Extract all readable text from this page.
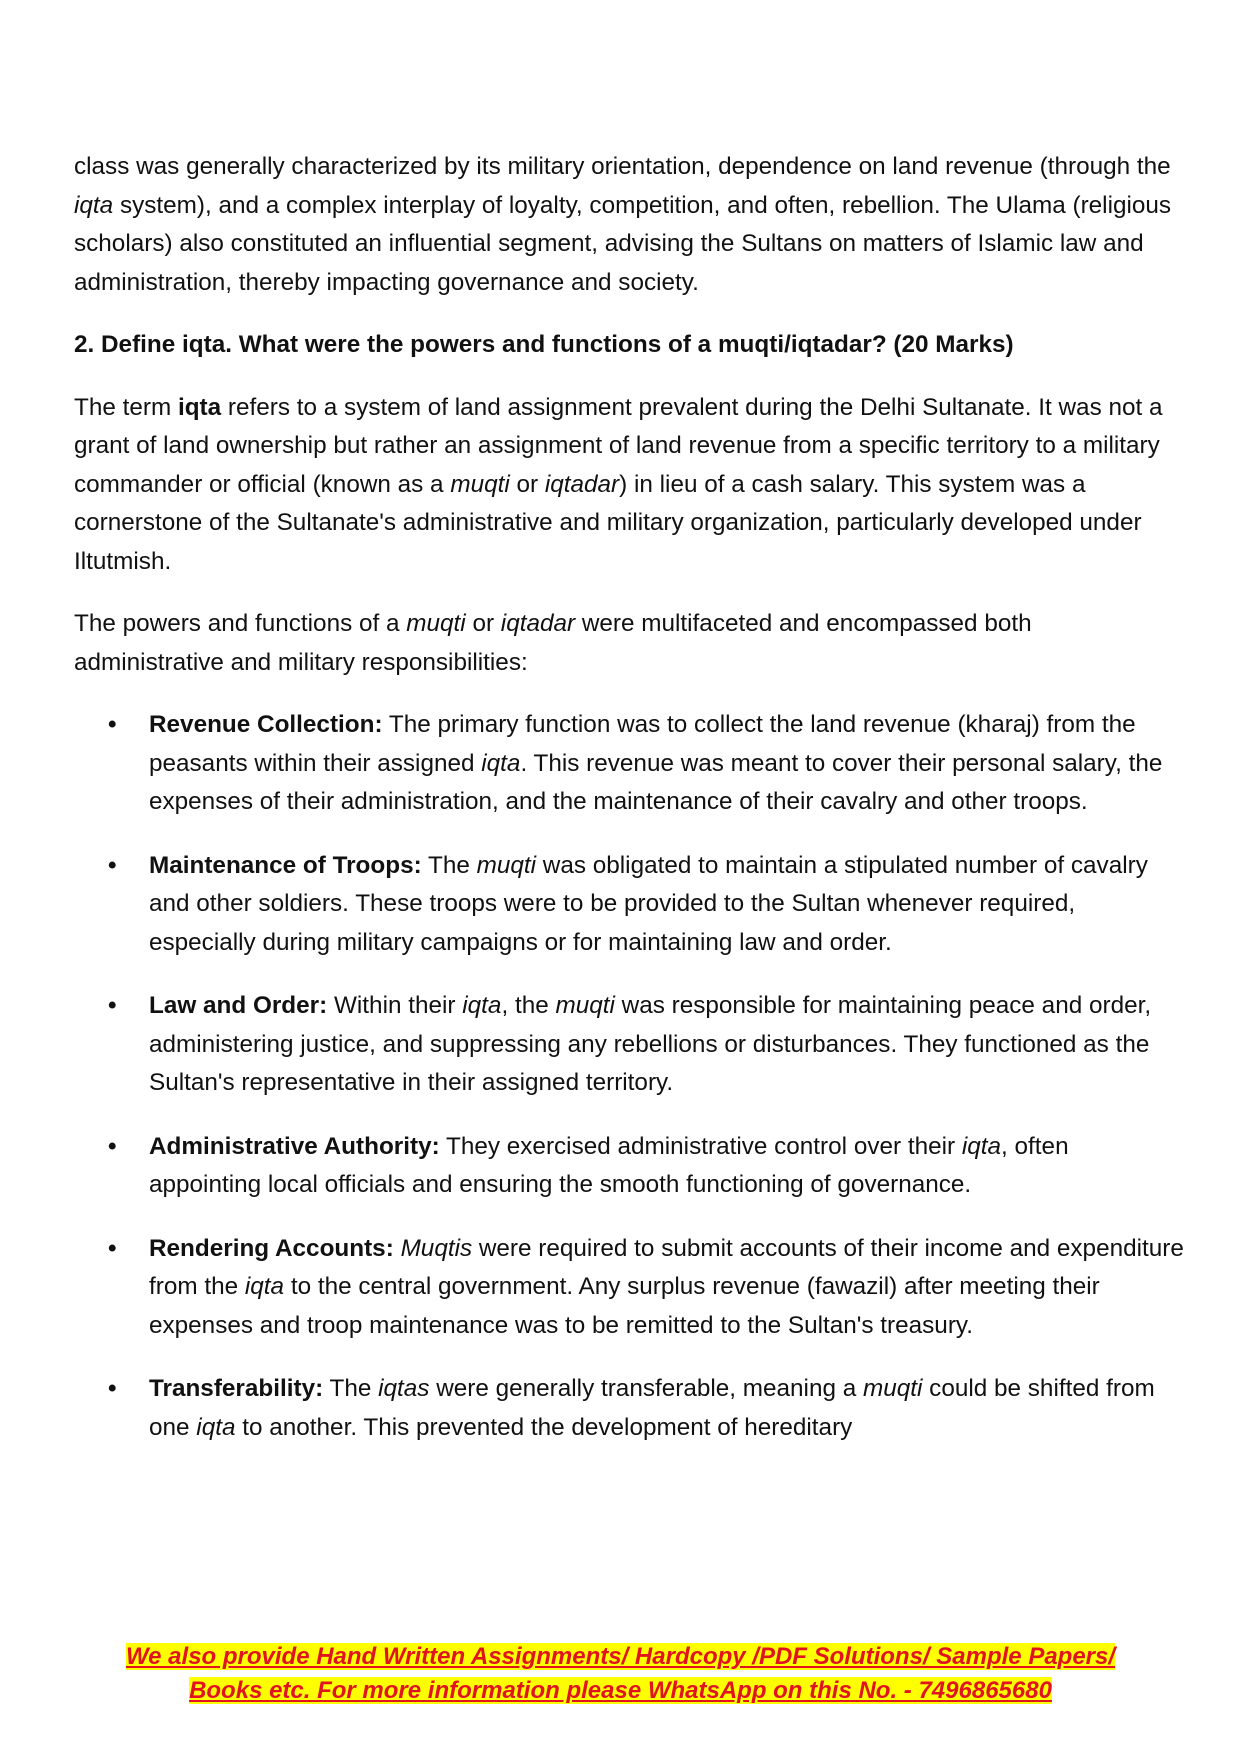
class was generally characterized by its military orientation, dependence on land revenue (through the iqta system), and a complex interplay of loyalty, competition, and often, rebellion. The Ulama (religious scholars) also constituted an influential segment, advising the Sultans on matters of Islamic law and administration, thereby impacting governance and society.

2. Define iqta. What were the powers and functions of a muqti/iqtadar? (20 Marks)

The term iqta refers to a system of land assignment prevalent during the Delhi Sultanate. It was not a grant of land ownership but rather an assignment of land revenue from a specific territory to a military commander or official (known as a muqti or iqtadar) in lieu of a cash salary. This system was a cornerstone of the Sultanate's administrative and military organization, particularly developed under Iltutmish.

The powers and functions of a muqti or iqtadar were multifaceted and encompassed both administrative and military responsibilities:

• Revenue Collection: The primary function was to collect the land revenue (kharaj) from the peasants within their assigned iqta. This revenue was meant to cover their personal salary, the expenses of their administration, and the maintenance of their cavalry and other troops.
• Maintenance of Troops: The muqti was obligated to maintain a stipulated number of cavalry and other soldiers. These troops were to be provided to the Sultan whenever required, especially during military campaigns or for maintaining law and order.
• Law and Order: Within their iqta, the muqti was responsible for maintaining peace and order, administering justice, and suppressing any rebellions or disturbances. They functioned as the Sultan's representative in their assigned territory.
• Administrative Authority: They exercised administrative control over their iqta, often appointing local officials and ensuring the smooth functioning of governance.
• Rendering Accounts: Muqtis were required to submit accounts of their income and expenditure from the iqta to the central government. Any surplus revenue (fawazil) after meeting their expenses and troop maintenance was to be remitted to the Sultan's treasury.
• Transferability: The iqtas were generally transferable, meaning a muqti could be shifted from one iqta to another. This prevented the development of hereditary
We also provide Hand Written Assignments/ Hardcopy /PDF Solutions/ Sample Papers/
Books etc. For more information please WhatsApp on this No. - 7496865680
